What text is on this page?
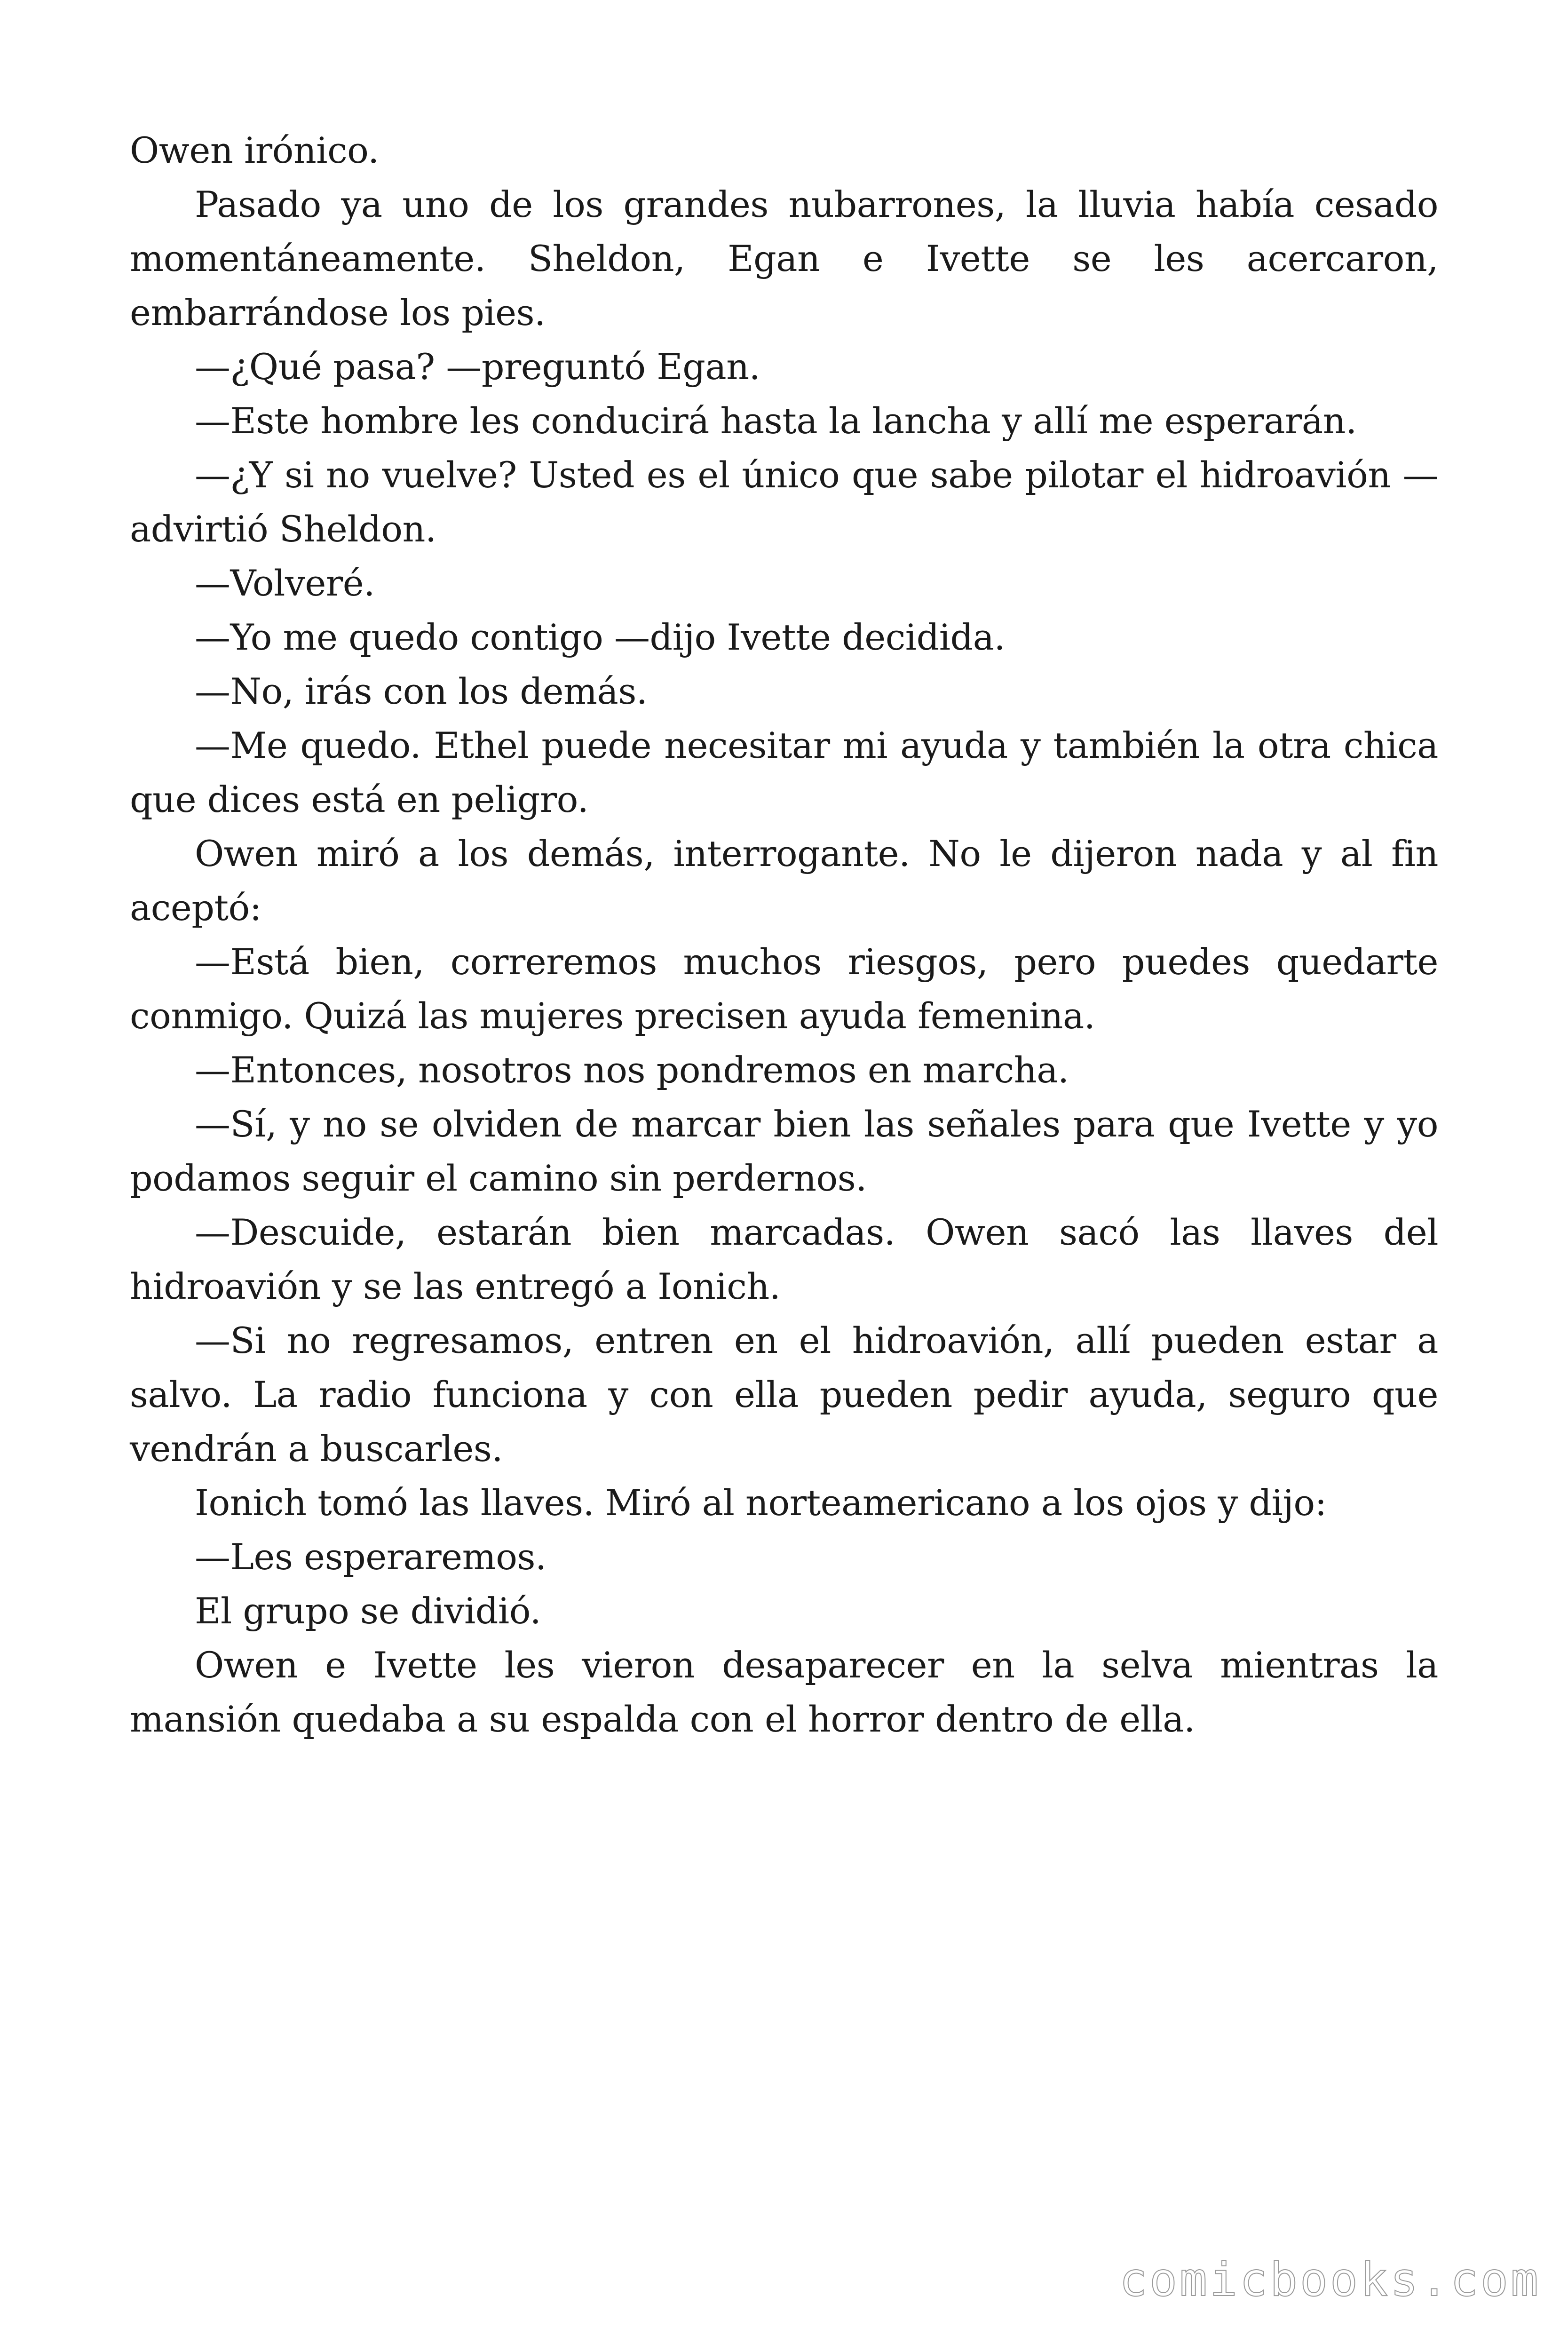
Owen irónico.

Pasado ya uno de los grandes nubarrones, la lluvia había cesado momentáneamente. Sheldon, Egan e Ivette se les acercaron, embarrándose los pies.

—¿Qué pasa? —preguntó Egan.

—Este hombre les conducirá hasta la lancha y allí me esperarán.

—¿Y si no vuelve? Usted es el único que sabe pilotar el hidroavión —advirtió Sheldon.

—Volveré.

—Yo me quedo contigo —dijo Ivette decidida.

—No, irás con los demás.

—Me quedo. Ethel puede necesitar mi ayuda y también la otra chica que dices está en peligro.

Owen miró a los demás, interrogante. No le dijeron nada y al fin aceptó:

—Está bien, correremos muchos riesgos, pero puedes quedarte conmigo. Quizá las mujeres precisen ayuda femenina.

—Entonces, nosotros nos pondremos en marcha.

—Sí, y no se olviden de marcar bien las señales para que Ivette y yo podamos seguir el camino sin perdernos.

—Descuide, estarán bien marcadas. Owen sacó las llaves del hidroavión y se las entregó a Ionich.

—Si no regresamos, entren en el hidroavión, allí pueden estar a salvo. La radio funciona y con ella pueden pedir ayuda, seguro que vendrán a buscarles.

Ionich tomó las llaves. Miró al norteamericano a los ojos y dijo:

—Les esperaremos.

El grupo se dividió.

Owen e Ivette les vieron desaparecer en la selva mientras la mansión quedaba a su espalda con el horror dentro de ella.

comicbooks.com
